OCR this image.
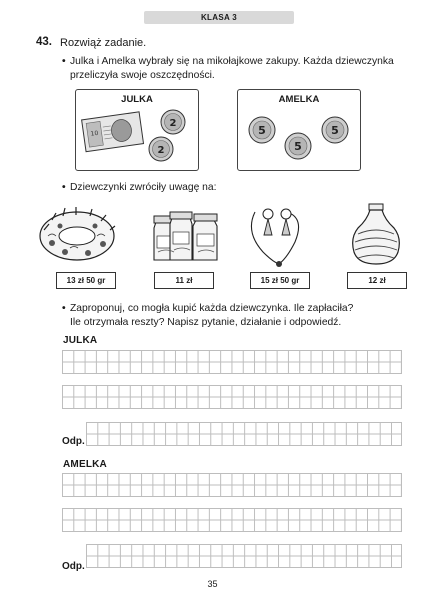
KLASA 3
43. Rozwiąż zadanie.
• Julka i Amelka wybrały się na mikołajkowe zakupy. Każda dziewczynka
przeliczyła swoje oszczędności.
JULKA
10
2
2
AMELKA
5
5
5
• Dziewczynki zwróciły uwagę na:
13 zł 50 gr	11 zł	15 zł 50 gr	12 zł
• Zaproponuj, co mogła kupić każda dziewczynka. Ile zapłaciła?
Ile otrzymała reszty? Napisz pytanie, działanie i odpowiedź.
JULKA
Odp.
AMELKA
Odp.
35
